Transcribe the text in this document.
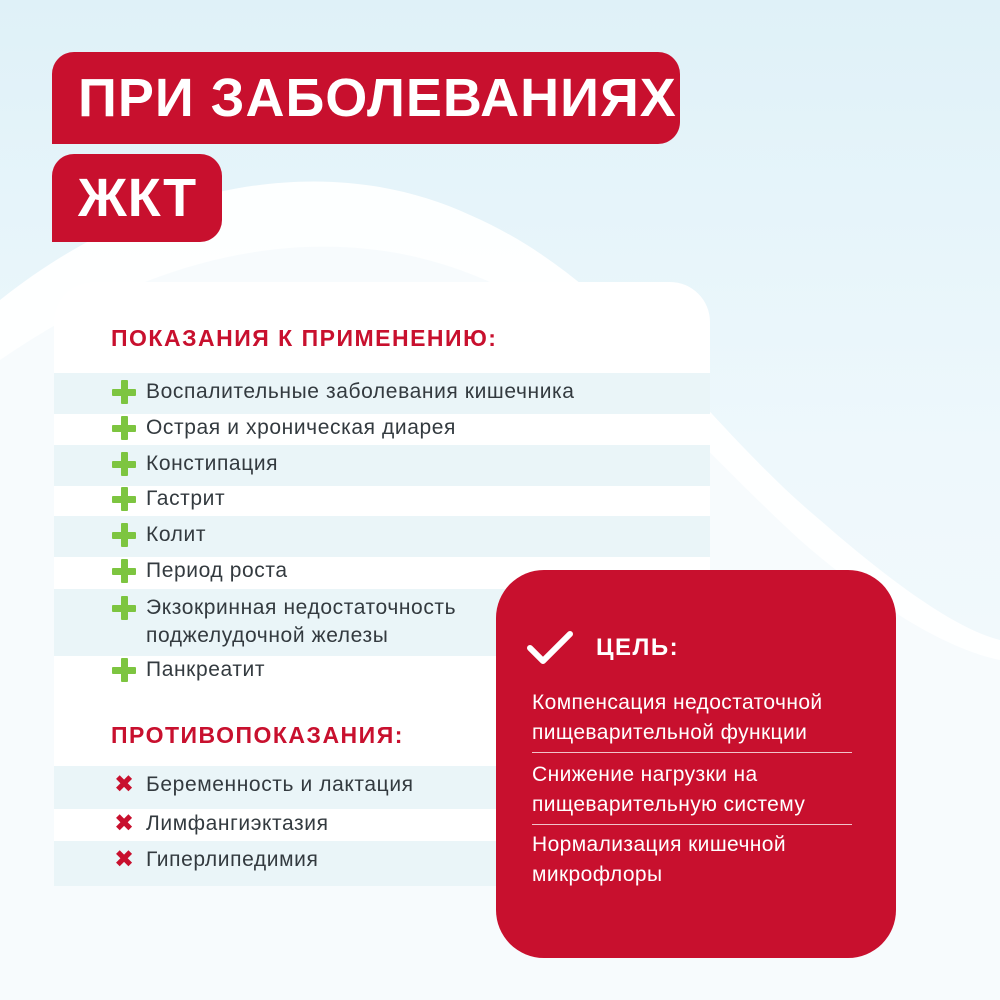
ПРИ ЗАБОЛЕВАНИЯХ
ЖКТ
ПОКАЗАНИЯ К ПРИМЕНЕНИЮ:
Воспалительные заболевания кишечника
Острая и хроническая диарея
Констипация
Гастрит
Колит
Период роста
Экзокринная недостаточность
поджелудочной железы
Панкреатит
ПРОТИВОПОКАЗАНИЯ:
✖ Беременность и лактация
✖ Лимфангиэктазия
✖ Гиперлипедимия
ЦЕЛЬ:
Компенсация недостаточной пищеварительной функции
Снижение нагрузки на пищеварительную систему
Нормализация кишечной микрофлоры
